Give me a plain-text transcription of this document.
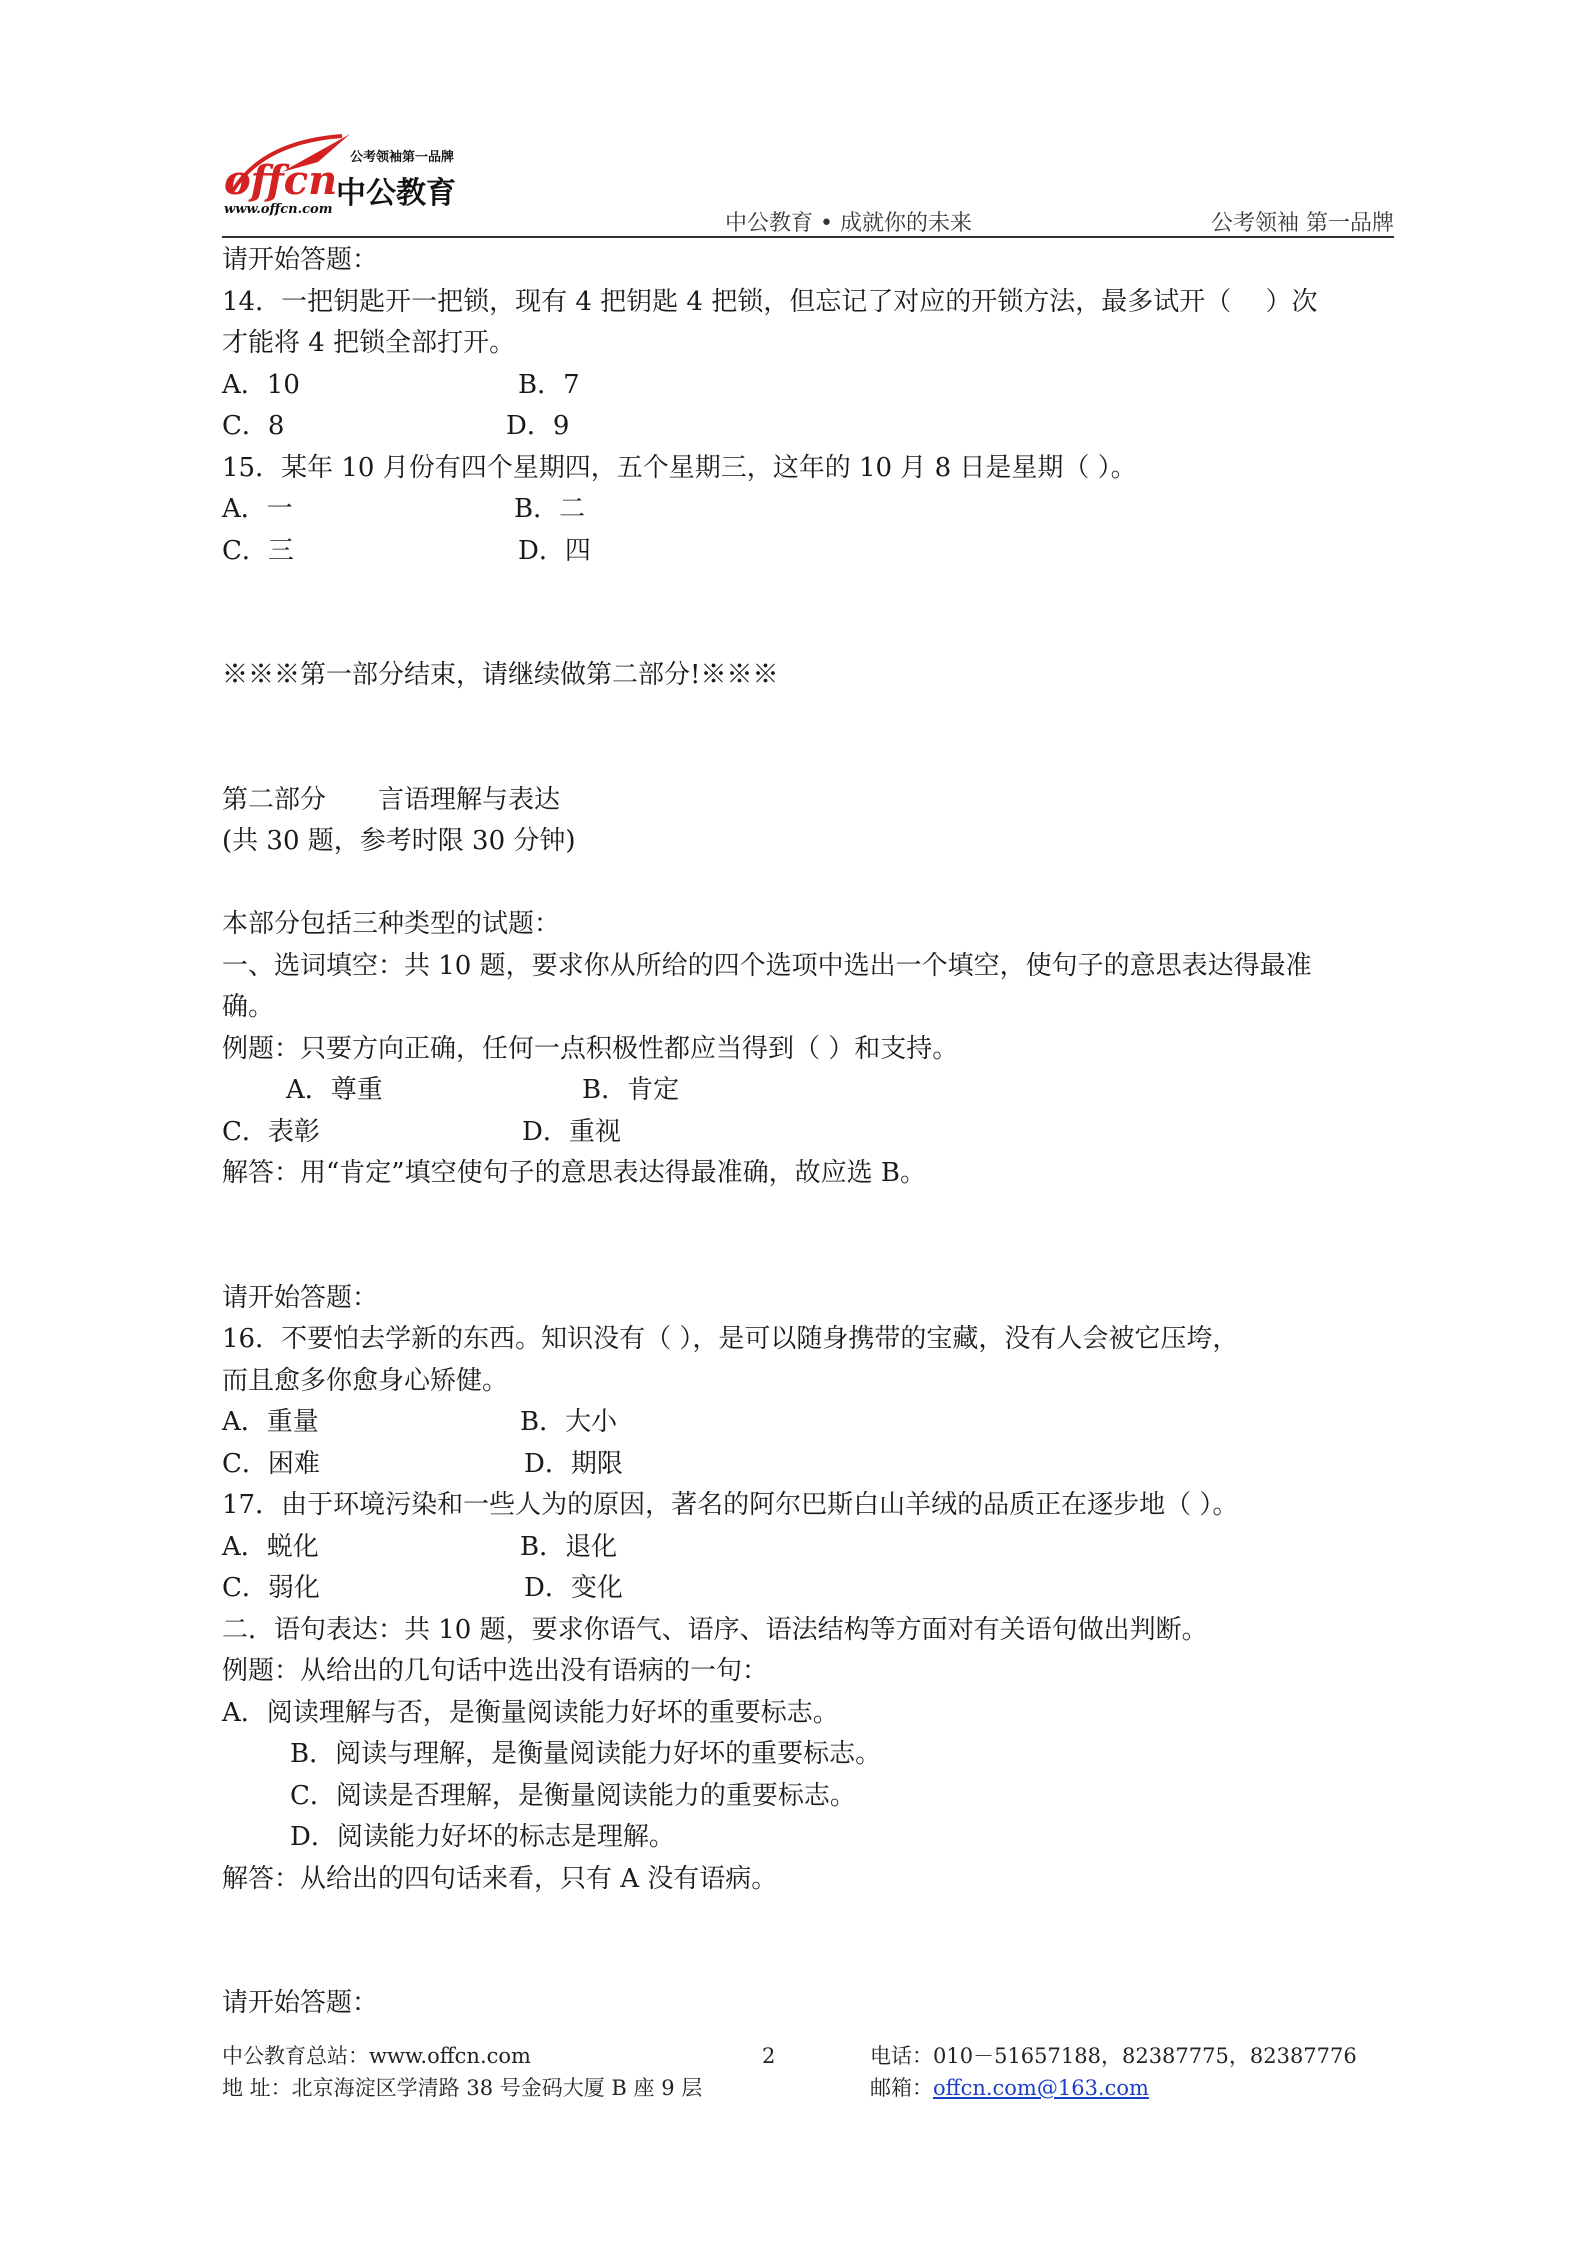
offcn 公考领袖第一品牌
中公教育
www.offcn.com
中公教育 • 成就你的未来	公考领袖 第一品牌
请开始答题：
14．一把钥匙开一把锁，现有 4 把钥匙 4 把锁，但忘记了对应的开锁方法，最多试开（　 ）次
才能将 4 把锁全部打开。
A．10	B．7
C．8	D．9
15．某年 10 月份有四个星期四，五个星期三，这年的 10 月 8 日是星期（ ）。
A．一	B．二
C．三	D．四
※※※第一部分结束，请继续做第二部分!※※※
第二部分　　言语理解与表达
(共 30 题，参考时限 30 分钟)
本部分包括三种类型的试题：
一、选词填空：共 10 题，要求你从所给的四个选项中选出一个填空，使句子的意思表达得最准
确。
例题：只要方向正确，任何一点积极性都应当得到（ ）和支持。
A．尊重	B．肯定
C．表彰	D．重视
解答：用“肯定”填空使句子的意思表达得最准确，故应选 B。
请开始答题：
16．不要怕去学新的东西。知识没有（ ），是可以随身携带的宝藏，没有人会被它压垮，
而且愈多你愈身心矫健。
A．重量	B．大小
C．困难	D．期限
17．由于环境污染和一些人为的原因，著名的阿尔巴斯白山羊绒的品质正在逐步地（ ）。
A．蜕化	B．退化
C．弱化	D．变化
二．语句表达：共 10 题，要求你语气、语序、语法结构等方面对有关语句做出判断。
例题：从给出的几句话中选出没有语病的一句：
A．阅读理解与否，是衡量阅读能力好坏的重要标志。
B．阅读与理解，是衡量阅读能力好坏的重要标志。
C．阅读是否理解，是衡量阅读能力的重要标志。
D．阅读能力好坏的标志是理解。
解答：从给出的四句话来看，只有 A 没有语病。
请开始答题：
中公教育总站：www.offcn.com	2	电话：010－51657188，82387775，82387776
地 址：北京海淀区学清路 38 号金码大厦 B 座 9 层	邮箱：offcn.com@163.com
